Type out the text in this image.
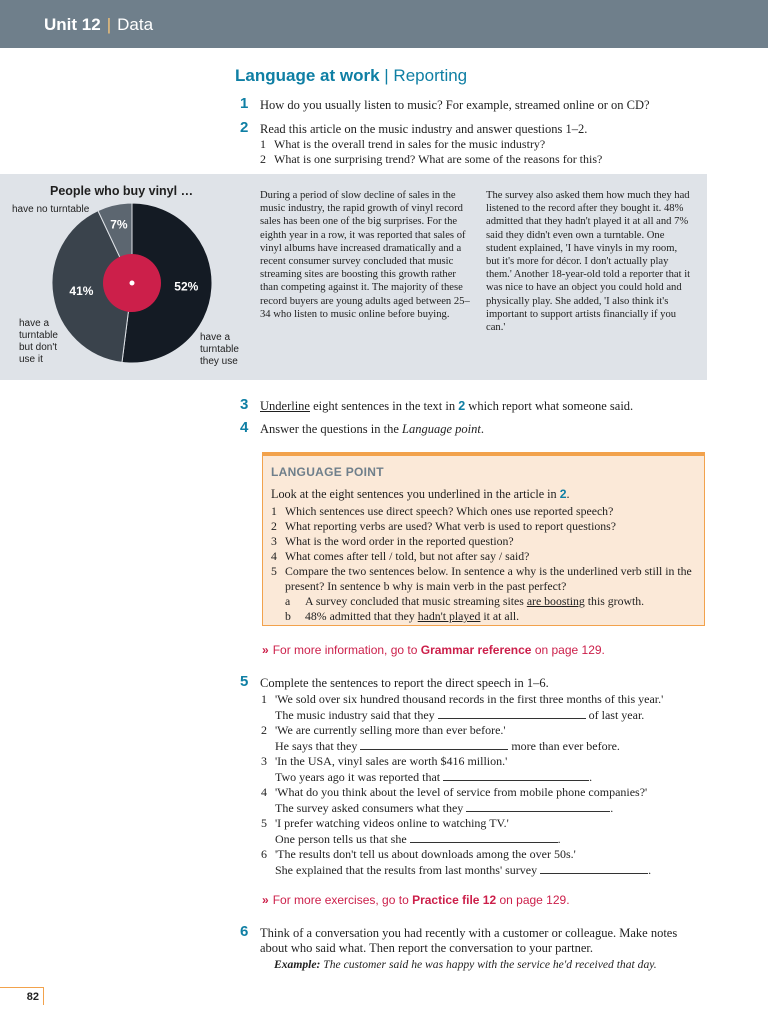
Unit 12 | Data
Language at work | Reporting
1 How do you usually listen to music? For example, streamed online or on CD?
2 Read this article on the music industry and answer questions 1–2.
1 What is the overall trend in sales for the music industry?
2 What is one surprising trend? What are some of the reasons for this?
People who buy vinyl …
52%
41%
7%
have no turntable
have a turntable but don't use it
have a turntable they use
During a period of slow decline of sales in the music industry, the rapid growth of vinyl record sales has been one of the big surprises. For the eighth year in a row, it was reported that sales of vinyl albums have increased dramatically and a recent consumer survey concluded that music streaming sites are boosting this growth rather than competing against it. The majority of these record buyers are young adults aged between 25–34 who listen to music online before buying.
The survey also asked them how much they had listened to the record after they bought it. 48% admitted that they hadn't played it at all and 7% said they didn't even own a turntable. One student explained, 'I have vinyls in my room, but it's more for décor. I don't actually play them.' Another 18-year-old told a reporter that it was nice to have an object you could hold and physically play. She added, 'I also think it's important to support artists financially if you can.'
3 Underline eight sentences in the text in 2 which report what someone said.
4 Answer the questions in the Language point.
LANGUAGE POINT
Look at the eight sentences you underlined in the article in 2.
1 Which sentences use direct speech? Which ones use reported speech?
2 What reporting verbs are used? What verb is used to report questions?
3 What is the word order in the reported question?
4 What comes after tell / told, but not after say / said?
5 Compare the two sentences below. In sentence a why is the underlined verb still in the present? In sentence b why is main verb in the past perfect?
a	A survey concluded that music streaming sites are boosting this growth.
b	48% admitted that they hadn't played it at all.
» For more information, go to Grammar reference on page 129.
5 Complete the sentences to report the direct speech in 1–6.
1 'We sold over six hundred thousand records in the first three months of this year.'
The music industry said that they	of last year.
2 'We are currently selling more than ever before.'
He says that they	more than ever before.
3 'In the USA, vinyl sales are worth $416 million.'
Two years ago it was reported that	.
4 'What do you think about the level of service from mobile phone companies?'
The survey asked consumers what they	.
5 'I prefer watching videos online to watching TV.'
One person tells us that she	.
6 'The results don't tell us about downloads among the over 50s.'
She explained that the results from last months' survey	.
» For more exercises, go to Practice file 12 on page 129.
6 Think of a conversation you had recently with a customer or colleague. Make notes about who said what. Then report the conversation to your partner.
Example: The customer said he was happy with the service he'd received that day.
82
